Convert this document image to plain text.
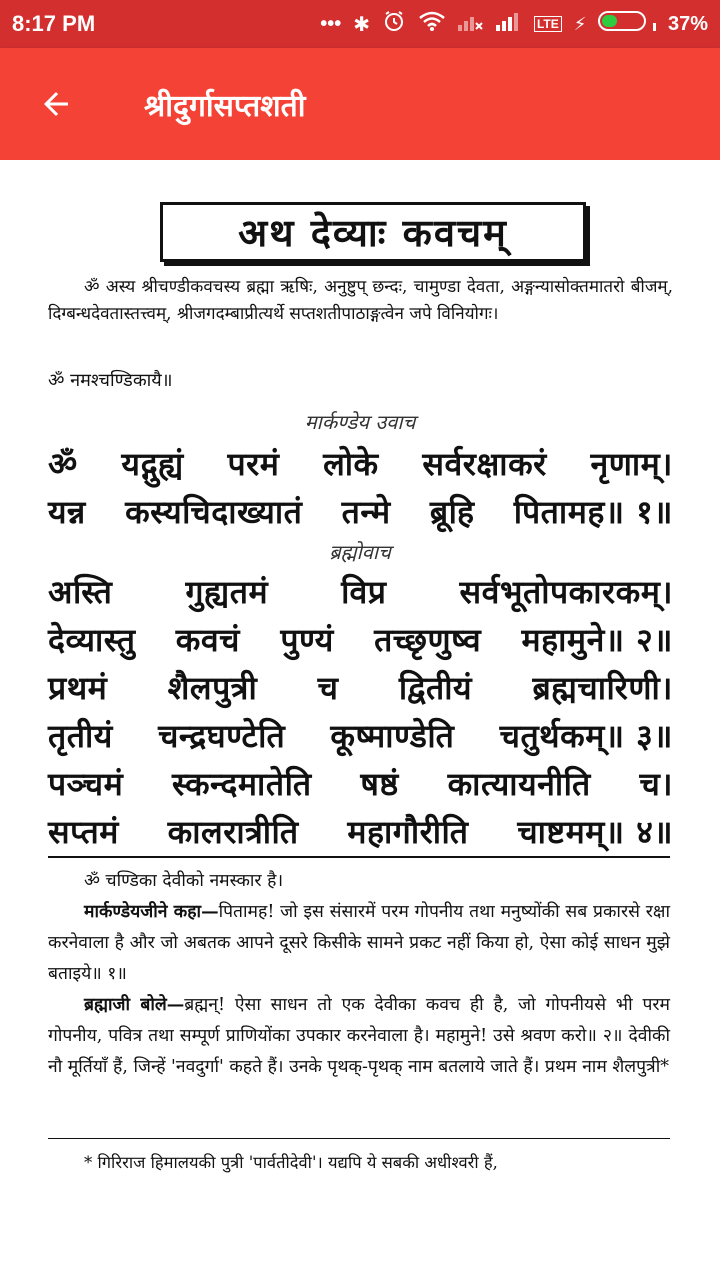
8:17 PM	••• ✱	LTE ⚡
	37%
श्रीदुर्गासप्तशती
अथ देव्याः कवचम्
ॐ अस्य श्रीचण्डीकवचस्य ब्रह्मा ऋषिः, अनुष्टुप् छन्दः, चामुण्डा देवता, अङ्गन्यासोक्तमातरो बीजम्, दिग्बन्धदेवतास्तत्त्वम्, श्रीजगदम्बाप्रीत्यर्थे सप्तशतीपाठाङ्गत्वेन जपे विनियोगः।
ॐ नमश्चण्डिकायै॥
मार्कण्डेय उवाच
ॐ यद्गुह्यं परमं लोके सर्वरक्षाकरं नृणाम्।
यन्न कस्यचिदाख्यातं तन्मे ब्रूहि पितामह॥ १॥
ब्रह्मोवाच
अस्ति गुह्यतमं विप्र सर्वभूतोपकारकम्।
देव्यास्तु कवचं पुण्यं तच्छृणुष्व महामुने॥ २॥
प्रथमं शैलपुत्री च द्वितीयं ब्रह्मचारिणी।
तृतीयं चन्द्रघण्टेति कूष्माण्डेति चतुर्थकम्॥ ३॥
पञ्चमं स्कन्दमातेति षष्ठं कात्यायनीति च।
सप्तमं कालरात्रीति महागौरीति चाष्टमम्॥ ४॥

ॐ चण्डिका देवीको नमस्कार है।

मार्कण्डेयजीने कहा—पितामह! जो इस संसारमें परम गोपनीय तथा मनुष्योंकी सब प्रकारसे रक्षा करनेवाला है और जो अबतक आपने दूसरे किसीके सामने प्रकट नहीं किया हो, ऐसा कोई साधन मुझे बताइये॥ १॥

ब्रह्माजी बोले—ब्रह्मन्! ऐसा साधन तो एक देवीका कवच ही है, जो गोपनीयसे भी परम गोपनीय, पवित्र तथा सम्पूर्ण प्राणियोंका उपकार करनेवाला है। महामुने! उसे श्रवण करो॥ २॥ देवीकी नौ मूर्तियाँ हैं, जिन्हें 'नवदुर्गा' कहते हैं। उनके पृथक्-पृथक् नाम बतलाये जाते हैं। प्रथम नाम शैलपुत्री*

* गिरिराज हिमालयकी पुत्री 'पार्वतीदेवी'। यद्यपि ये सबकी अधीश्वरी हैं,
